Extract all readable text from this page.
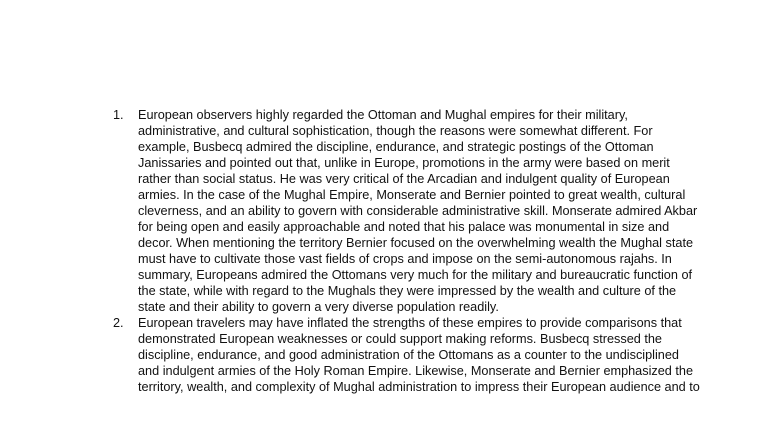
1. European observers highly regarded the Ottoman and Mughal empires for their military, administrative, and cultural sophistication, though the reasons were somewhat different. For example, Busbecq admired the discipline, endurance, and strategic postings of the Ottoman Janissaries and pointed out that, unlike in Europe, promotions in the army were based on merit rather than social status. He was very critical of the Arcadian and indulgent quality of European armies. In the case of the Mughal Empire, Monserate and Bernier pointed to great wealth, cultural cleverness, and an ability to govern with considerable administrative skill. Monserate admired Akbar for being open and easily approachable and noted that his palace was monumental in size and decor. When mentioning the territory Bernier focused on the overwhelming wealth the Mughal state must have to cultivate those vast fields of crops and impose on the semi-autonomous rajahs. In summary, Europeans admired the Ottomans very much for the military and bureaucratic function of the state, while with regard to the Mughals they were impressed by the wealth and culture of the state and their ability to govern a very diverse population readily.
2. European travelers may have inflated the strengths of these empires to provide comparisons that demonstrated European weaknesses or could support making reforms. Busbecq stressed the discipline, endurance, and good administration of the Ottomans as a counter to the undisciplined and indulgent armies of the Holy Roman Empire. Likewise, Monserate and Bernier emphasized the territory, wealth, and complexity of Mughal administration to impress their European audience and to
